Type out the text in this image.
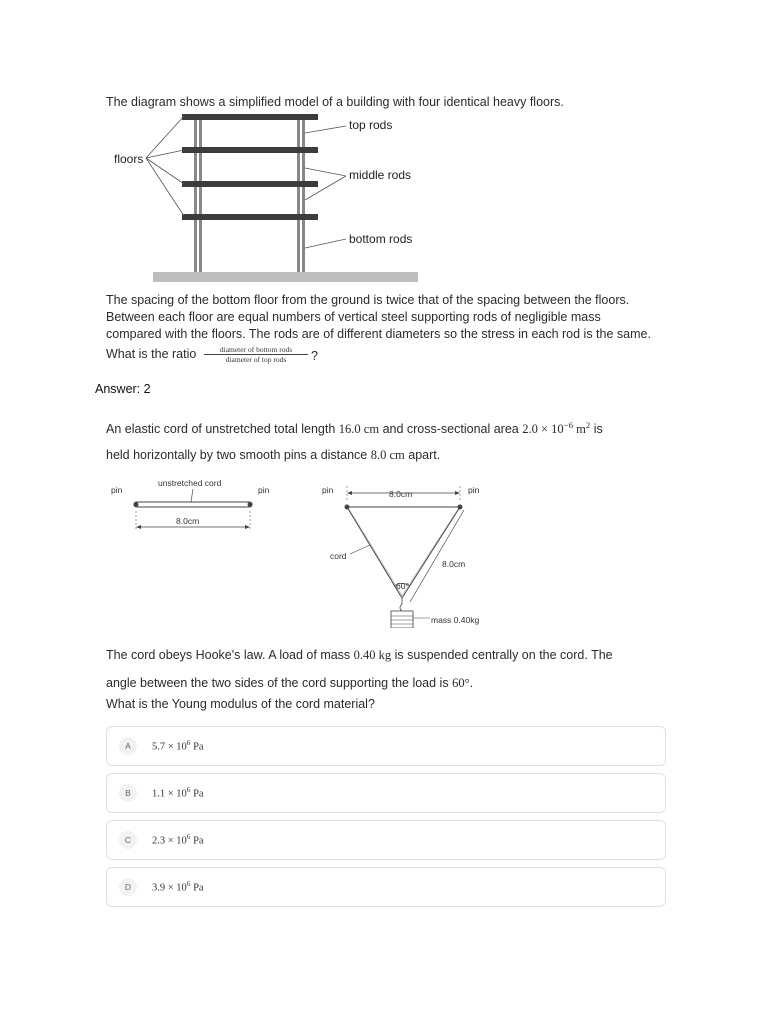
The diagram shows a simplified model of a building with four identical heavy floors.
top rods
floors
middle rods
bottom rods
The spacing of the bottom floor from the ground is twice that of the spacing between the floors.
Between each floor are equal numbers of vertical steel supporting rods of negligible mass
compared with the floors. The rods are of different diameters so the stress in each rod is the same.
What is the ratio	diameter of bottom rods
diameter of top rods	?
Answer: 2
An elastic cord of unstretched total length 16.0 cm and cross-sectional area $2.0 \times 10^{-6}$ $m^2$ is
held horizontally by two smooth pins a distance 8.0 cm apart.
pin
unstretched cord
pin
8.0cm
pin	8.0cm	pin
cord
60°
8.0cm
mass 0.40kg
The cord obeys Hooke's law. A load of mass 0.40 kg is suspended centrally on the cord. The
angle between the two sides of the cord supporting the load is 60°.
What is the Young modulus of the cord material?
A	$5.7 \times 10^6$ Pa
B	$1.1 \times 10^6$ Pa
C	$2.3 \times 10^6$ Pa
D	$3.9 \times 10^6$ Pa
